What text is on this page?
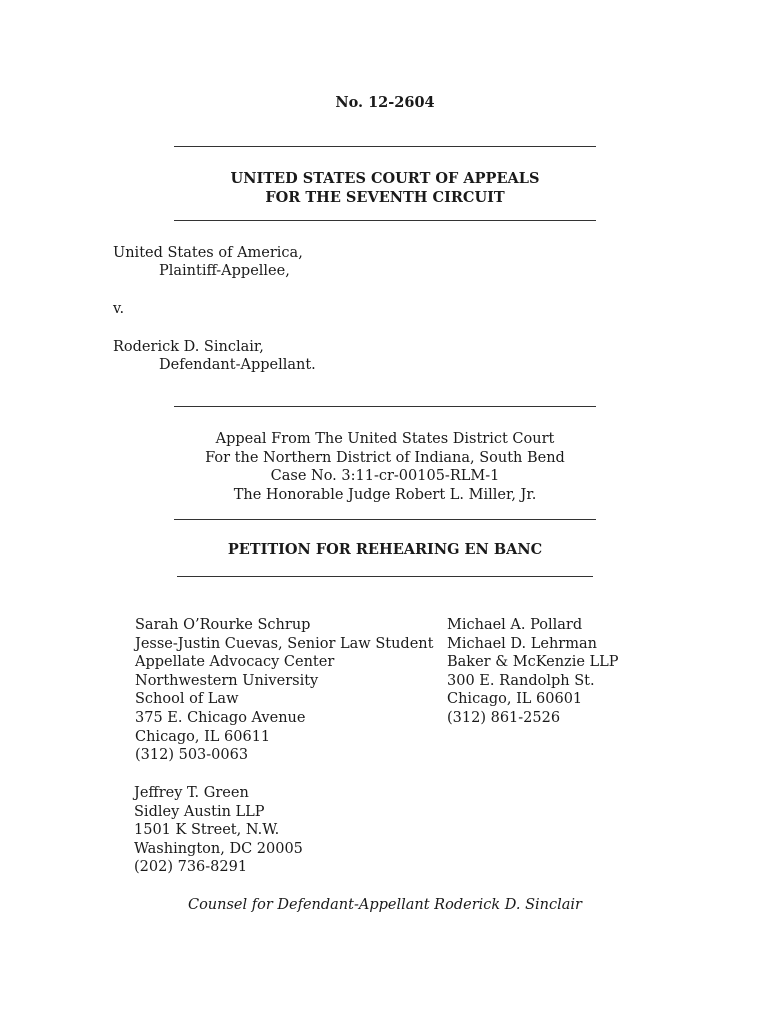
No. 12-2604
UNITED STATES COURT OF APPEALS
FOR THE SEVENTH CIRCUIT
United States of America,
Plaintiff-Appellee,
v.
Roderick D. Sinclair,
Defendant-Appellant.
Appeal From The United States District Court
For the Northern District of Indiana, South Bend
Case No. 3:11-cr-00105-RLM-1
The Honorable Judge Robert L. Miller, Jr.
PETITION FOR REHEARING EN BANC
Sarah O’Rourke Schrup
Jesse-Justin Cuevas, Senior Law Student
Appellate Advocacy Center
Northwestern University
School of Law
375 E. Chicago Avenue
Chicago, IL 60611
(312) 503-0063
Michael A. Pollard
Michael D. Lehrman
Baker & McKenzie LLP
300 E. Randolph St.
Chicago, IL 60601
(312) 861-2526
Jeffrey T. Green
Sidley Austin LLP
1501 K Street, N.W.
Washington, DC 20005
(202) 736-8291
Counsel for Defendant-Appellant Roderick D. Sinclair
